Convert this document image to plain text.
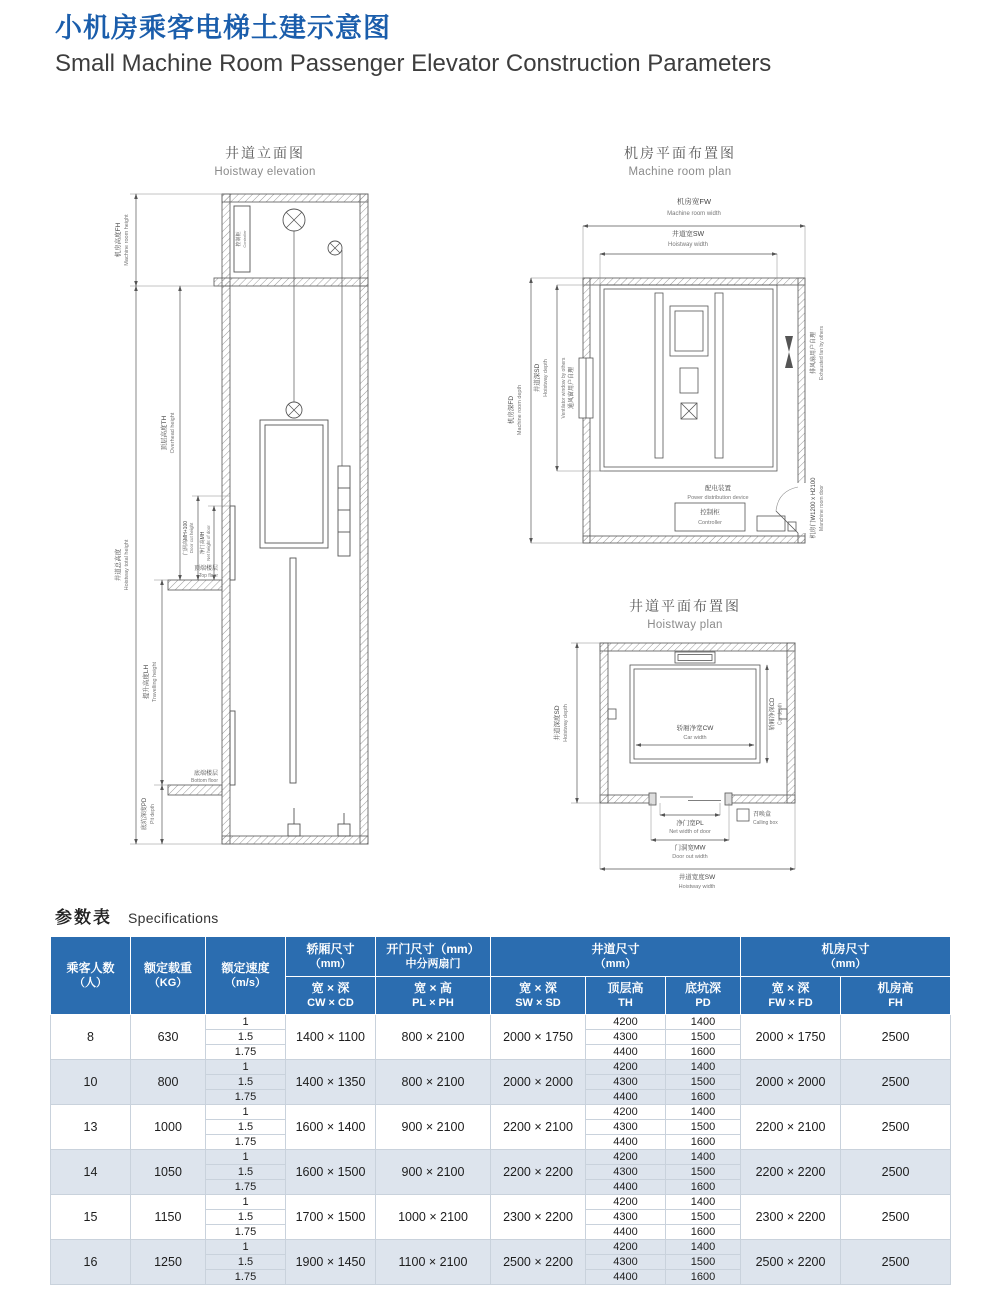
小机房乘客电梯土建示意图
Small Machine Room Passenger Elevator Construction Parameters
井道立面图
Hoistway elevation
机房平面布置图
Machine room plan
井道平面布置图
Hoistway plan
机房高度FH Machine room height
井道总高度 Hoistway total height
提升高度LH Travelling height
顶层高度TH Overhead height
门洞高MH+100 Door cut height 净门高MH Net height of door
底坑深度PD Pit depth
控制柜 Controller
顶端楼层
Top floor
底端楼层
Bottom floor
机房宽FW
Machine room width
井道宽SW
Hoistway width
机房深FD Machine room depth
井道深SD Hoistway depth Ventilator window by others 通风窗用户自理
排风扇用户自理 Exhausted fan by others
机房门W1200 x H2100 Manchine room door
配电装置
Power distribution device
控制柜
Controller
井道深度SD Hoistway depth	轿厢净深CD Car depth
轿厢净宽CW
Car width
净门宽PL
Net width of door
门洞宽MW
Door out width
召唤盒
Calling box
井道宽度SW
Hoistway width
参数表 Specifications
乘客人数
（人）

额定载重
（KG）

额定速度
（m/s）

轿厢尺寸
（mm）

开门尺寸（mm）
中分两扇门

井道尺寸
（mm）

机房尺寸
（mm）

宽 × 深
CW × CD

宽 × 高
PL × PH

宽 × 深
SW × SD

顶层高
TH

底坑深
PD

宽 × 深
FW × FD

机房高
FH

8	630	1	1400 × 1100	800 × 2100	2000 × 1750	4200	1400	2000 × 1750	2500
		1.5				4300	1500		
		1.75				4400	1600		
10	800	1	1400 × 1350	800 × 2100	2000 × 2000	4200	1400	2000 × 2000	2500
		1.5				4300	1500		
		1.75				4400	1600		
13	1000	1	1600 × 1400	900 × 2100	2200 × 2100	4200	1400	2200 × 2100	2500
		1.5				4300	1500		
		1.75				4400	1600		
14	1050	1	1600 × 1500	900 × 2100	2200 × 2200	4200	1400	2200 × 2200	2500
		1.5				4300	1500		
		1.75				4400	1600		
15	1150	1	1700 × 1500	1000 × 2100	2300 × 2200	4200	1400	2300 × 2200	2500
		1.5				4300	1500		
		1.75				4400	1600		
16	1250	1	1900 × 1450	1100 × 2100	2500 × 2200	4200	1400	2500 × 2200	2500
		1.5				4300	1500		
		1.75				4400	1600		
